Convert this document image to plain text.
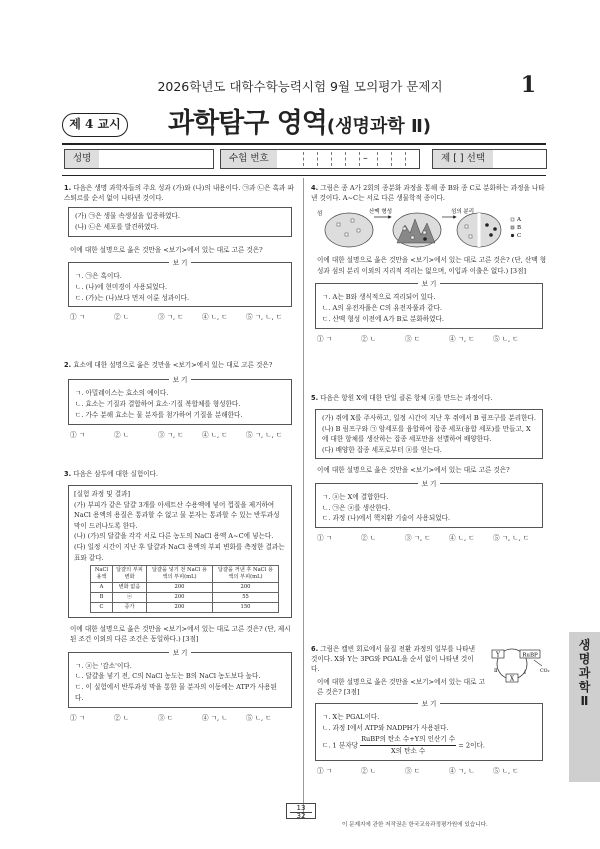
2026학년도 대학수학능력시험 9월 모의평가 문제지	1
제 4 교시 과학탐구 영역(생명과학 Ⅱ)
성명	수험 번호	–	제 [ ] 선택
1. 다음은 생명 과학자들의 주요 성과 (가)와 (나)의 내용이다. ㉠과 ㉡은 혹과 파스퇴르를 순서 없이 나타낸 것이다.
(가) ㉠은 생물 속생설을 입증하였다.
(나) ㉡은 세포를 발견하였다.
이에 대한 설명으로 옳은 것만을 <보기>에서 있는 대로 고른 것은?
보 기
ㄱ. ㉠은 혹이다.
ㄴ. (나)에 현미경이 사용되었다.
ㄷ. (가)는 (나)보다 먼저 이룬 성과이다.
① ㄱ	② ㄴ	③ ㄱ, ㄷ	④ ㄴ, ㄷ	⑤ ㄱ, ㄴ, ㄷ
2. 효소에 대한 설명으로 옳은 것만을 <보기>에서 있는 대로 고른 것은?
보 기
ㄱ. 아밀레이스는 효소의 예이다.
ㄴ. 효소는 기질과 결합하여 효소·기질 복합체를 형성한다.
ㄷ. 가수 분해 효소는 물 분자를 첨가하여 기질을 분해한다.
① ㄱ	② ㄴ	③ ㄱ, ㄷ	④ ㄴ, ㄷ	⑤ ㄱ, ㄴ, ㄷ
3. 다음은 삼투에 대한 실험이다.
[실험 과정 및 결과]
(가) 부피가 같은 달걀 3개를 아세트산 수용액에 넣어 껍질을 제거하여 NaCl 용액의 용질은 통과할 수 없고 물 분자는 통과할 수 있는 반투과성 막이 드러나도록 한다.
(나) (가)의 달걀을 각각 서로 다른 농도의 NaCl 용액 A~C에 넣는다.
(다) 일정 시간이 지난 후 달걀과 NaCl 용액의 부피 변화를 측정한 결과는 표와 같다.
NaCl 용액	달걀의 부피 변화	달걀을 넣기 전 NaCl 용액의 부피(mL)	달걀을 꺼낸 후 NaCl 용액의 부피(mL)
A	변화 없음	200	200
B	ⓐ	200	55
C	증가	200	150
이에 대한 설명으로 옳은 것만을 <보기>에서 있는 대로 고른 것은? (단, 제시된 조건 이외의 다른 조건은 동일하다.) [3점]
보 기
ㄱ. ⓐ는 '감소'이다.
ㄴ. 달걀을 넣기 전, C의 NaCl 농도는 B의 NaCl 농도보다 높다.
ㄷ. 이 실험에서 반투과성 막을 통한 물 분자의 이동에는 ATP가 사용된다.
① ㄱ	② ㄴ	③ ㄷ	④ ㄱ, ㄴ	⑤ ㄴ, ㄷ
4. 그림은 종 A가 2회의 종분화 과정을 통해 종 B와 종 C로 분화하는 과정을 나타낸 것이다. A~C는 서로 다른 생물학적 종이다.
섬	산맥 형성	섬의 분리
A
B
C
이에 대한 설명으로 옳은 것만을 <보기>에서 있는 대로 고른 것은? (단, 산맥 형성과 섬의 분리 이외의 지리적 격리는 없으며, 이입과 이출은 없다.) [3점]
보 기
ㄱ. A는 B와 생식적으로 격리되어 있다.
ㄴ. A의 유전자풀은 C의 유전자풀과 같다.
ㄷ. 산맥 형성 이전에 A가 B로 분화하였다.
① ㄱ	② ㄴ	③ ㄷ	④ ㄱ, ㄷ	⑤ ㄴ, ㄷ
5. 다음은 항원 X에 대한 단일 클론 항체 ⓐ를 만드는 과정이다.
(가) 쥐에 X를 주사하고, 일정 시간이 지난 후 쥐에서 B 림프구를 분리한다.
(나) B 림프구와 ㉠ 암세포를 융합하여 잡종 세포(융합 세포)를 만들고, X에 대한 항체를 생산하는 잡종 세포만을 선별하여 배양한다.
(다) 배양한 잡종 세포로부터 ⓐ를 얻는다.
이에 대한 설명으로 옳은 것만을 <보기>에서 있는 대로 고른 것은?
보 기
ㄱ. ⓐ는 X에 결합한다.
ㄴ. ㉠은 ⓐ를 생산한다.
ㄷ. 과정 (나)에서 핵치환 기술이 사용되었다.
① ㄱ	② ㄴ	③ ㄱ, ㄷ	④ ㄴ, ㄷ	⑤ ㄱ, ㄴ, ㄷ
6. 그림은 캘빈 회로에서 물질 전환 과정의 일부를 나타낸 것이다. X와 Y는 3PG와 PGAL을 순서 없이 나타낸 것이다.
이에 대한 설명으로 옳은 것만을 <보기>에서 있는 대로 고른 것은? [3점]
보 기
ㄱ. X는 PGAL이다.
ㄴ. 과정 Ⅰ에서 ATP와 NADPH가 사용된다.
ㄷ. 1 분자당 $\frac{\text{RuBP의 탄소 수+Y의 인산기 수}}{\text{X의 탄소 수}} = 2$이다.
① ㄱ	② ㄴ	③ ㄷ	④ ㄱ, ㄴ	⑤ ㄴ, ㄷ
Y	RuBP
X
CO₂
Ⅱ	Ⅰ
생
명
과
학
Ⅱ
13
32
이 문제지에 관한 저작권은 한국교육과정평가원에 있습니다.
